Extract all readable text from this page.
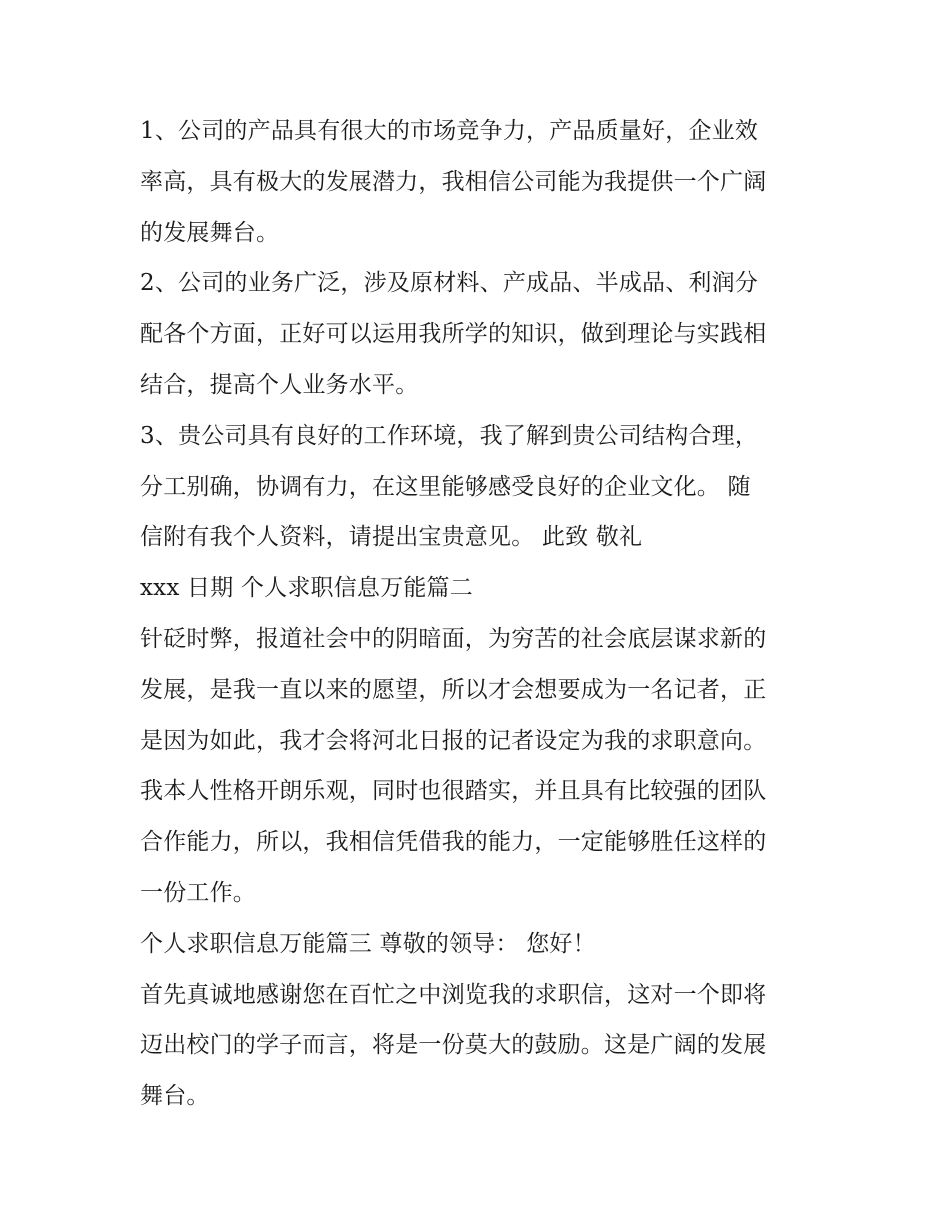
1、公司的产品具有很大的市场竞争力，产品质量好，企业效
率高，具有极大的发展潜力，我相信公司能为我提供一个广阔
的发展舞台。
2、公司的业务广泛，涉及原材料、产成品、半成品、利润分
配各个方面，正好可以运用我所学的知识，做到理论与实践相
结合，提高个人业务水平。
3、贵公司具有良好的工作环境，我了解到贵公司结构合理，
分工别确，协调有力，在这里能够感受良好的企业文化。 随
信附有我个人资料，请提出宝贵意见。 此致 敬礼
xxx 日期 个人求职信息万能篇二
针砭时弊，报道社会中的阴暗面，为穷苦的社会底层谋求新的
发展，是我一直以来的愿望，所以才会想要成为一名记者，正
是因为如此，我才会将河北日报的记者设定为我的求职意向。
我本人性格开朗乐观，同时也很踏实，并且具有比较强的团队
合作能力，所以，我相信凭借我的能力，一定能够胜任这样的
一份工作。
个人求职信息万能篇三 尊敬的领导： 您好！
首先真诚地感谢您在百忙之中浏览我的求职信，这对一个即将
迈出校门的学子而言，将是一份莫大的鼓励。这是广阔的发展
舞台。
